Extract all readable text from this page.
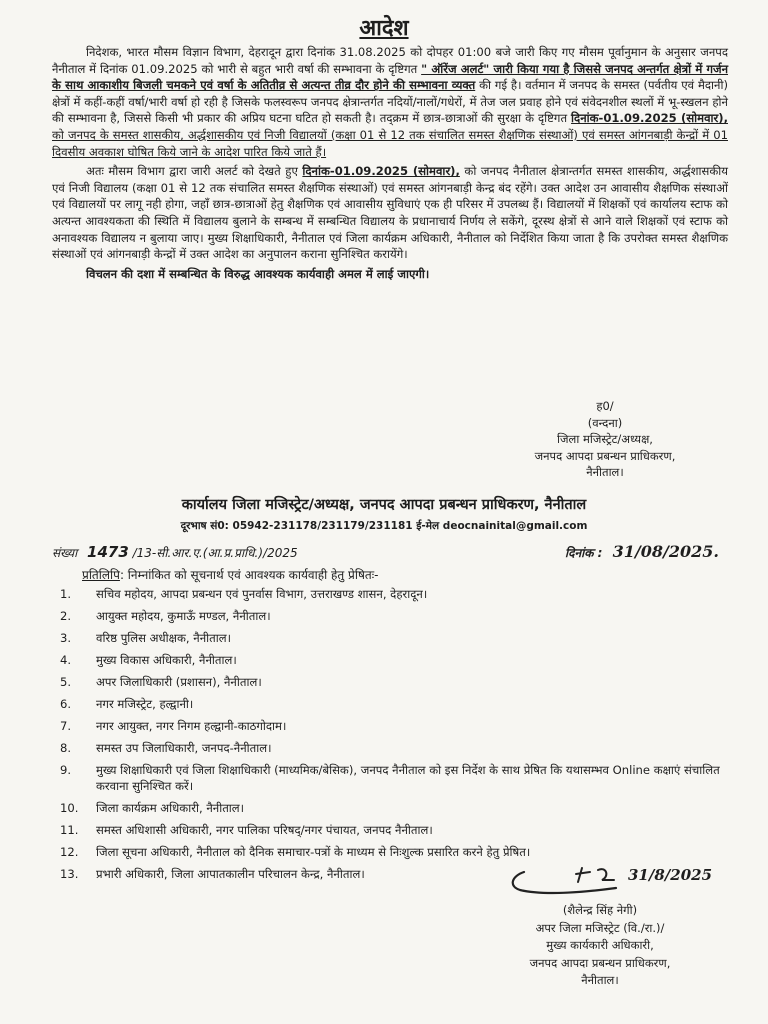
आदेश

निदेशक, भारत मौसम विज्ञान विभाग, देहरादून द्वारा दिनांक 31.08.2025 को दोपहर 01:00 बजे जारी किए गए मौसम पूर्वानुमान के अनुसार जनपद नैनीताल में दिनांक 01.09.2025 को भारी से बहुत भारी वर्षा की सम्भावना के दृष्टिगत " ऑरेंज अलर्ट" जारी किया गया है जिससे जनपद अन्तर्गत क्षेत्रों में गर्जन के साथ आकाशीय बिजली चमकने एवं वर्षा के अतितीव्र से अत्यन्त तीव्र दौर होने की सम्भावना व्यक्त की गई है। वर्तमान में जनपद के समस्त (पर्वतीय एवं मैदानी) क्षेत्रों में कहीं-कहीं वर्षा/भारी वर्षा हो रही है जिसके फलस्वरूप जनपद क्षेत्रान्तर्गत नदियों/नालों/गधेरों, में तेज जल प्रवाह होने एवं संवेदनशील स्थलों में भू-स्खलन होने की सम्भावना है, जिससे किसी भी प्रकार की अप्रिय घटना घटित हो सकती है। तद्क्रम में छात्र-छात्राओं की सुरक्षा के दृष्टिगत दिनांक-01.09.2025 (सोमवार), को जनपद के समस्त शासकीय, अर्द्धशासकीय एवं निजी विद्यालयों (कक्षा 01 से 12 तक संचालित समस्त शैक्षणिक संस्थाओं) एवं समस्त आंगनबाड़ी केन्द्रों में 01 दिवसीय अवकाश घोषित किये जाने के आदेश पारित किये जाते हैं।

अतः मौसम विभाग द्वारा जारी अलर्ट को देखते हुए दिनांक-01.09.2025 (सोमवार), को जनपद नैनीताल क्षेत्रान्तर्गत समस्त शासकीय, अर्द्धशासकीय एवं निजी विद्यालय (कक्षा 01 से 12 तक संचालित समस्त शैक्षणिक संस्थाओं) एवं समस्त आंगनबाड़ी केन्द्र बंद रहेंगे। उक्त आदेश उन आवासीय शैक्षणिक संस्थाओं एवं विद्यालयों पर लागू नही होगा, जहाँ छात्र-छात्राओं हेतु शैक्षणिक एवं आवासीय सुविधाएं एक ही परिसर में उपलब्ध हैं। विद्यालयों में शिक्षकों एवं कार्यालय स्टाफ को अत्यन्त आवश्यकता की स्थिति में विद्यालय बुलाने के सम्बन्ध में सम्बन्धित विद्यालय के प्रधानाचार्य निर्णय ले सकेंगे, दूरस्थ क्षेत्रों से आने वाले शिक्षकों एवं स्टाफ को अनावश्यक विद्यालय न बुलाया जाए। मुख्य शिक्षाधिकारी, नैनीताल एवं जिला कार्यक्रम अधिकारी, नैनीताल को निर्देशित किया जाता है कि उपरोक्त समस्त शैक्षणिक संस्थाओं एवं आंगनबाड़ी केन्द्रों में उक्त आदेश का अनुपालन कराना सुनिश्चित करायेंगे।

विचलन की दशा में सम्बन्धित के विरुद्ध आवश्यक कार्यवाही अमल में लाई जाएगी।

ह0/
(वन्दना)
जिला मजिस्ट्रेट/अध्यक्ष,
जनपद आपदा प्रबन्धन प्राधिकरण,
नैनीताल।
कार्यालय जिला मजिस्ट्रेट/अध्यक्ष, जनपद आपदा प्रबन्धन प्राधिकरण, नैनीताल
दूरभाष सं0: 05942-231178/231179/231181 ई-मेल deocnainital@gmail.com
संख्या 1473 /13-सी.आर.ए.(आ.प्र.प्राधि.)/2025	दिनांक : 31/08/2025.
प्रतिलिपि: निम्नांकित को सूचनार्थ एवं आवश्यक कार्यवाही हेतु प्रेषितः-
1.	सचिव महोदय, आपदा प्रबन्धन एवं पुनर्वास विभाग, उत्तराखण्ड शासन, देहरादून।
2.	आयुक्त महोदय, कुमाऊँ मण्डल, नैनीताल।
3.	वरिष्ठ पुलिस अधीक्षक, नैनीताल।
4.	मुख्य विकास अधिकारी, नैनीताल।
5.	अपर जिलाधिकारी (प्रशासन), नैनीताल।
6.	नगर मजिस्ट्रेट, हल्द्वानी।
7.	नगर आयुक्त, नगर निगम हल्द्वानी-काठगोदाम।
8.	समस्त उप जिलाधिकारी, जनपद-नैनीताल।
9.	मुख्य शिक्षाधिकारी एवं जिला शिक्षाधिकारी (माध्यमिक/बेसिक), जनपद नैनीताल को इस निर्देश के साथ प्रेषित कि यथासम्भव Online कक्षाएं संचालित करवाना सुनिश्चित करें।
10.	जिला कार्यक्रम अधिकारी, नैनीताल।
11.	समस्त अधिशासी अधिकारी, नगर पालिका परिषद्/नगर पंचायत, जनपद नैनीताल।
12.	जिला सूचना अधिकारी, नैनीताल को दैनिक समाचार-पत्रों के माध्यम से निःशुल्क प्रसारित करने हेतु प्रेषित।
13.	प्रभारी अधिकारी, जिला आपातकालीन परिचालन केन्द्र, नैनीताल।	31/8/2025
(शैलेन्द्र सिंह नेगी)
अपर जिला मजिस्ट्रेट (वि./रा.)/
मुख्य कार्यकारी अधिकारी,
जनपद आपदा प्रबन्धन प्राधिकरण,
नैनीताल।
